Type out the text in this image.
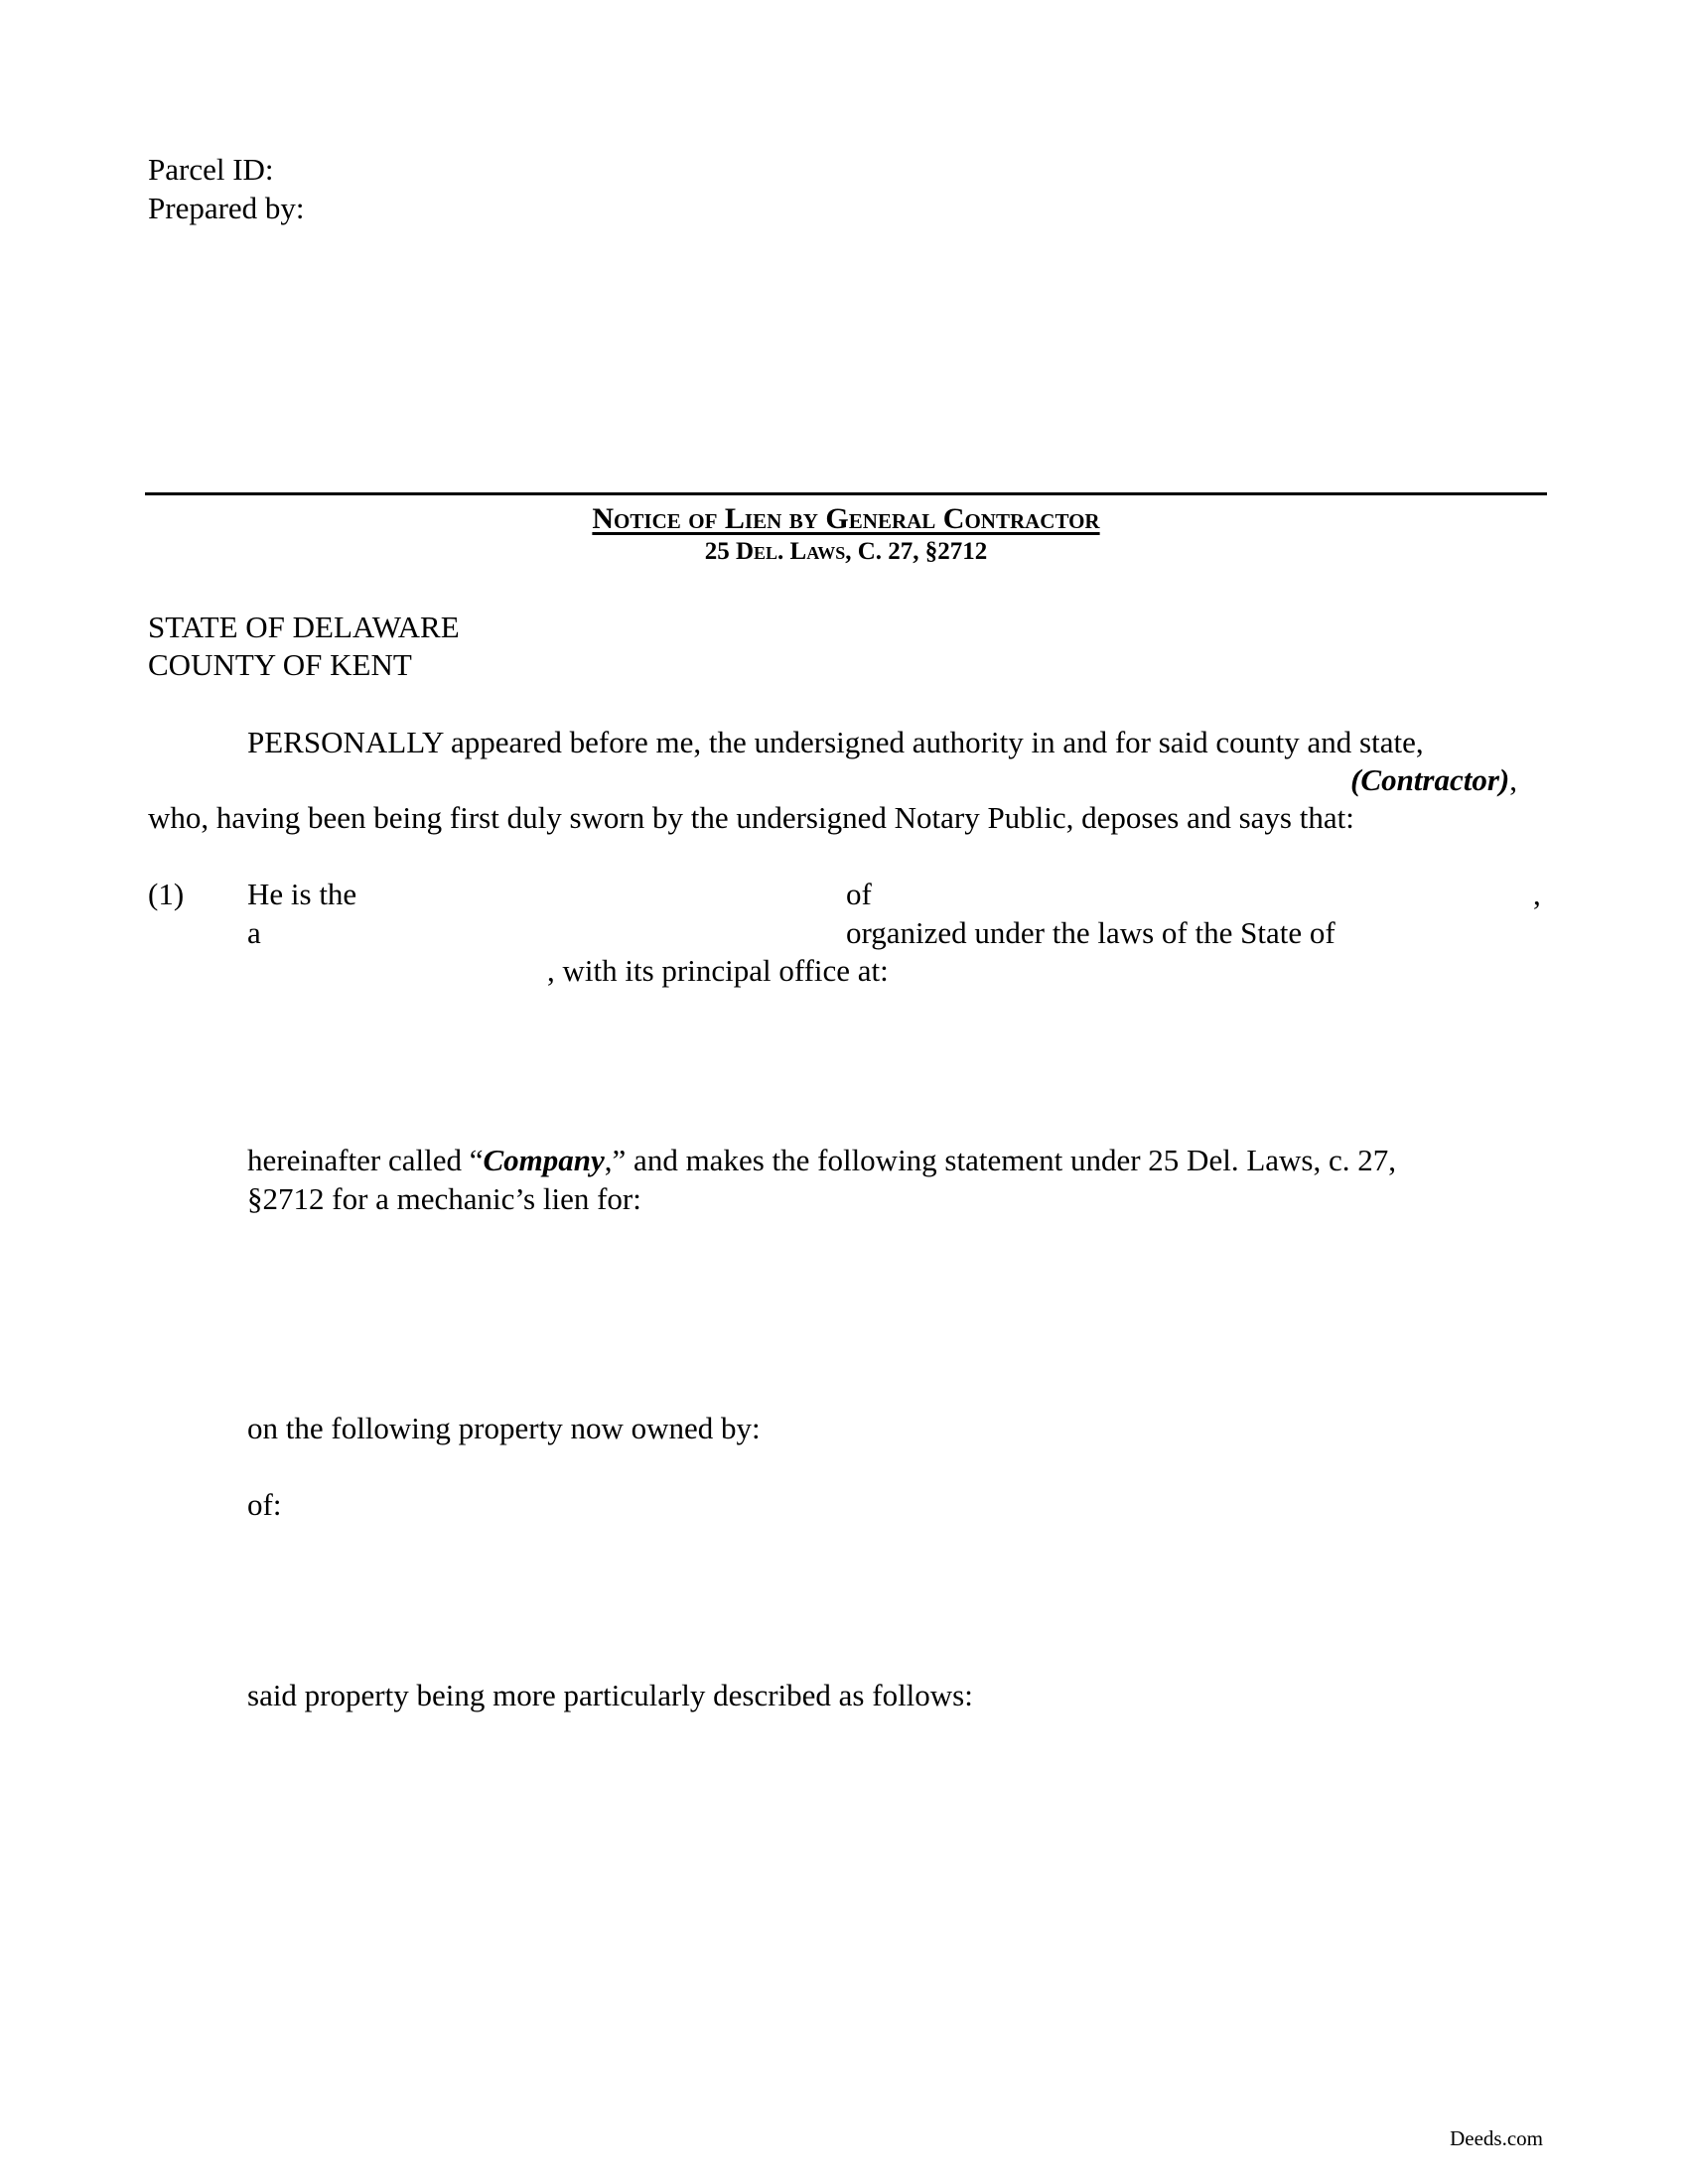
Parcel ID:
Prepared by:
Notice of Lien by General Contractor
25 Del. Laws, C. 27, §2712
STATE OF DELAWARE
COUNTY OF KENT
PERSONALLY appeared before me, the undersigned authority in and for said county and state,
(Contractor),
who, having been being first duly sworn by the undersigned Notary Public, deposes and says that:
(1) He is the	of	,
a	organized under the laws of the State of
, with its principal office at:
hereinafter called “Company,” and makes the following statement under 25 Del. Laws, c. 27,
§2712 for a mechanic’s lien for:
on the following property now owned by:
of:
said property being more particularly described as follows:
Deeds.com
